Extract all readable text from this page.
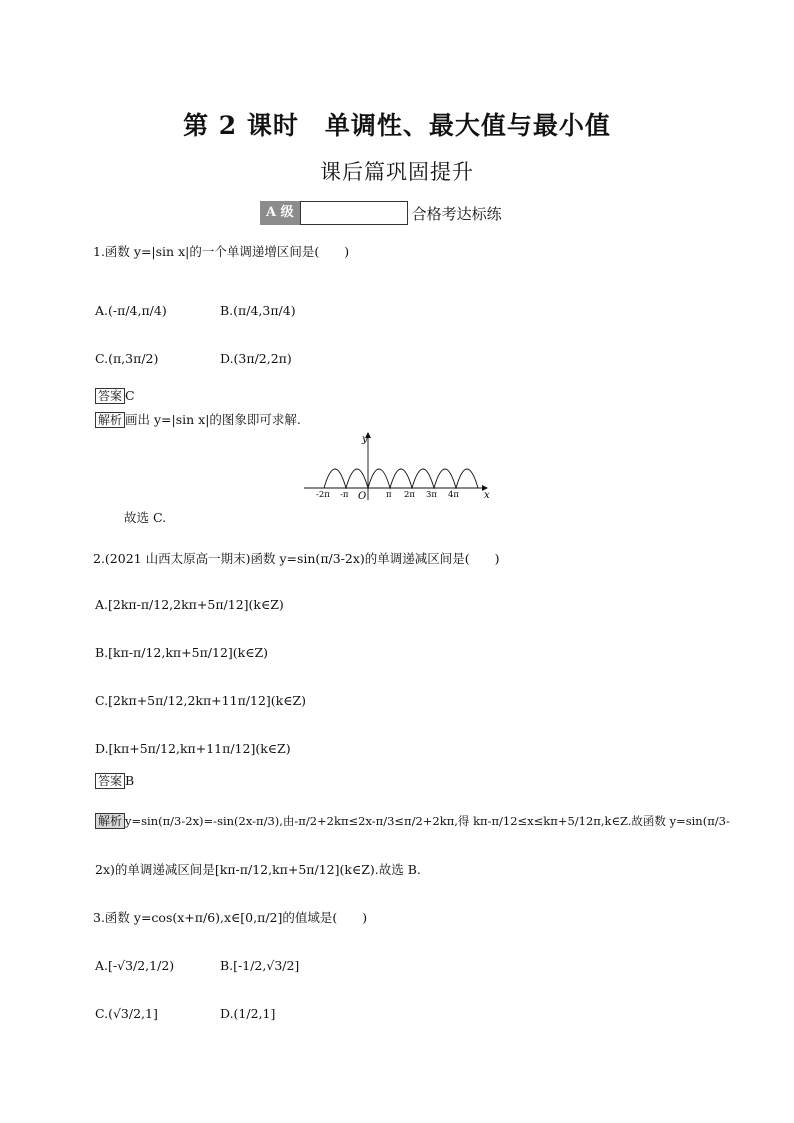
第 2 课时　单调性、最大值与最小值
课后篇巩固提升
A 级	合格考达标练
1.函数 y=|sin x|的一个单调递增区间是(　　)
A.(-π/4,π/4)	B.(π/4,3π/4)
C.(π,3π/2)	D.(3π/2,2π)
答案 C
解析 画出 y=|sin x|的图象即可求解.
y
x
O
-2π -π	π 2π 3π 4π
故选 C.
2.(2021 山西太原高一期末)函数 y=sin(π/3-2x)的单调递减区间是(　　)
A.[2kπ-π/12,2kπ+5π/12](k∈Z)
B.[kπ-π/12,kπ+5π/12](k∈Z)
C.[2kπ+5π/12,2kπ+11π/12](k∈Z)
D.[kπ+5π/12,kπ+11π/12](k∈Z)
答案 B
解析 y=sin(π/3-2x)=-sin(2x-π/3),由-π/2+2kπ≤2x-π/3≤π/2+2kπ,得 kπ-π/12≤x≤kπ+5/12π,k∈Z.故函数 y=sin(π/3-
2x)的单调递减区间是[kπ-π/12,kπ+5π/12](k∈Z).故选 B.
3.函数 y=cos(x+π/6),x∈[0,π/2]的值域是(　　)
A.[-√3/2,1/2)	B.[-1/2,√3/2]
C.(√3/2,1]	D.(1/2,1]
